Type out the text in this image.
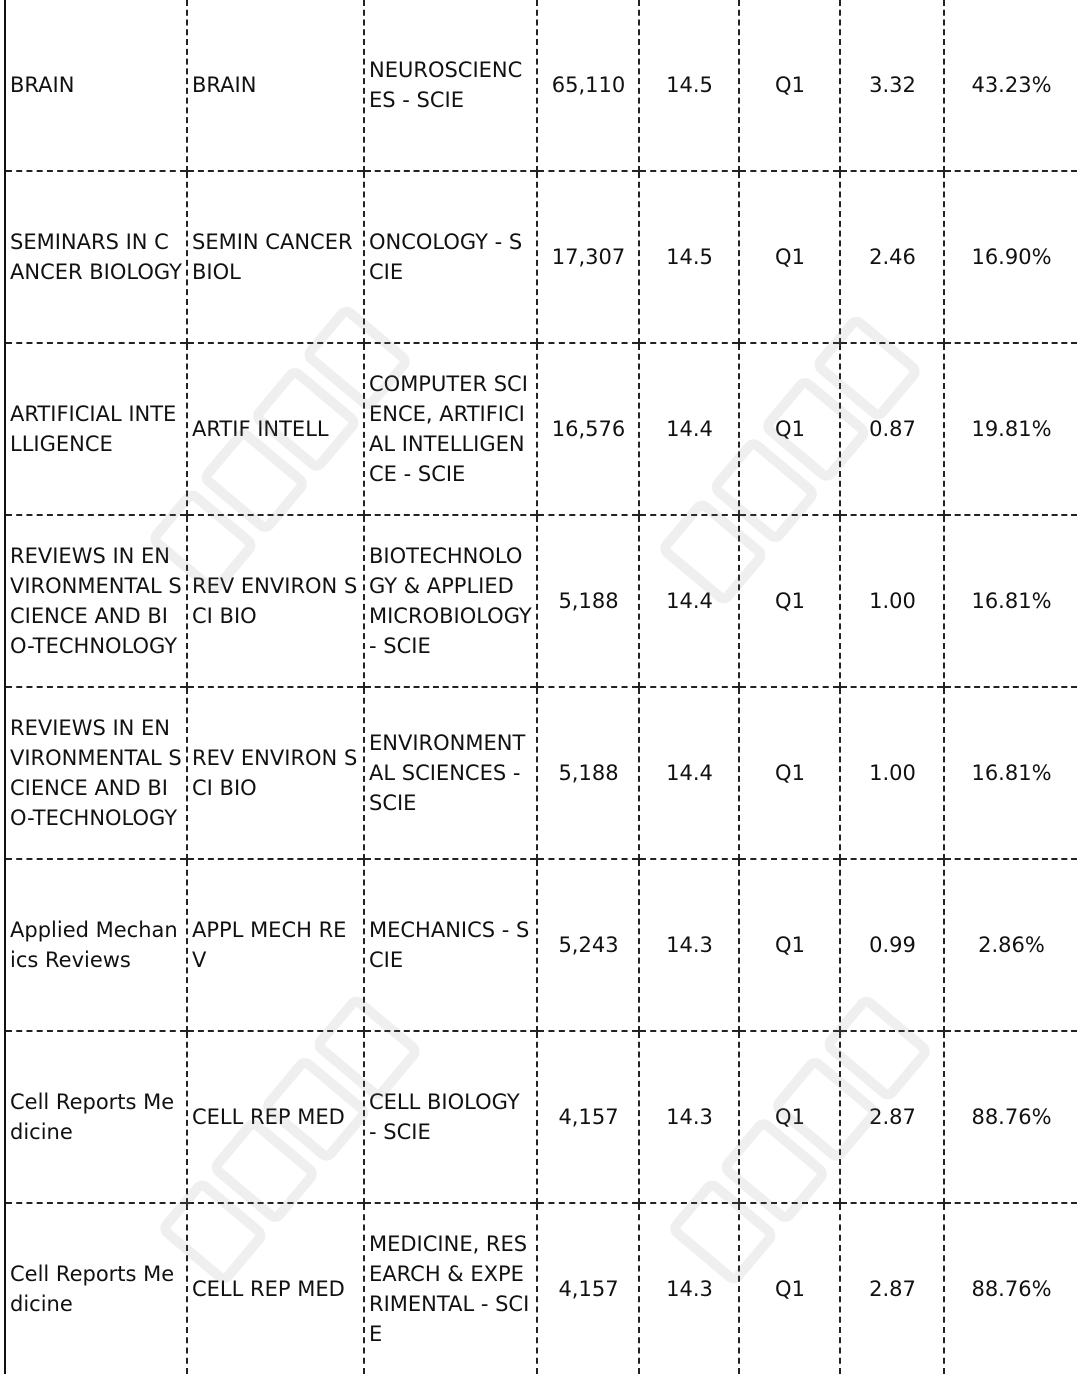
BRAIN	BRAIN	NEUROSCIENCES - SCIE	65,110	14.5	Q1	3.32	43.23%
SEMINARS IN CANCER BIOLOGY	SEMIN CANCER BIOL	ONCOLOGY - SCIE	17,307	14.5	Q1	2.46	16.90%
ARTIFICIAL INTELLIGENCE	ARTIF INTELL	COMPUTER SCIENCE, ARTIFICIAL INTELLIGENCE - SCIE	16,576	14.4	Q1	0.87	19.81%
REVIEWS IN ENVIRONMENTAL SCIENCE AND BIO-TECHNOLOGY	REV ENVIRON SCI BIO	BIOTECHNOLOGY & APPLIED MICROBIOLOGY - SCIE	5,188	14.4	Q1	1.00	16.81%
REVIEWS IN ENVIRONMENTAL SCIENCE AND BIO-TECHNOLOGY	REV ENVIRON SCI BIO	ENVIRONMENTAL SCIENCES - SCIE	5,188	14.4	Q1	1.00	16.81%
Applied Mechanics Reviews	APPL MECH REV	MECHANICS - SCIE	5,243	14.3	Q1	0.99	2.86%
Cell Reports Medicine	CELL REP MED	CELL BIOLOGY - SCIE	4,157	14.3	Q1	2.87	88.76%
Cell Reports Medicine	CELL REP MED	MEDICINE, RESEARCH & EXPERIMENTAL - SCIE	4,157	14.3	Q1	2.87	88.76%
